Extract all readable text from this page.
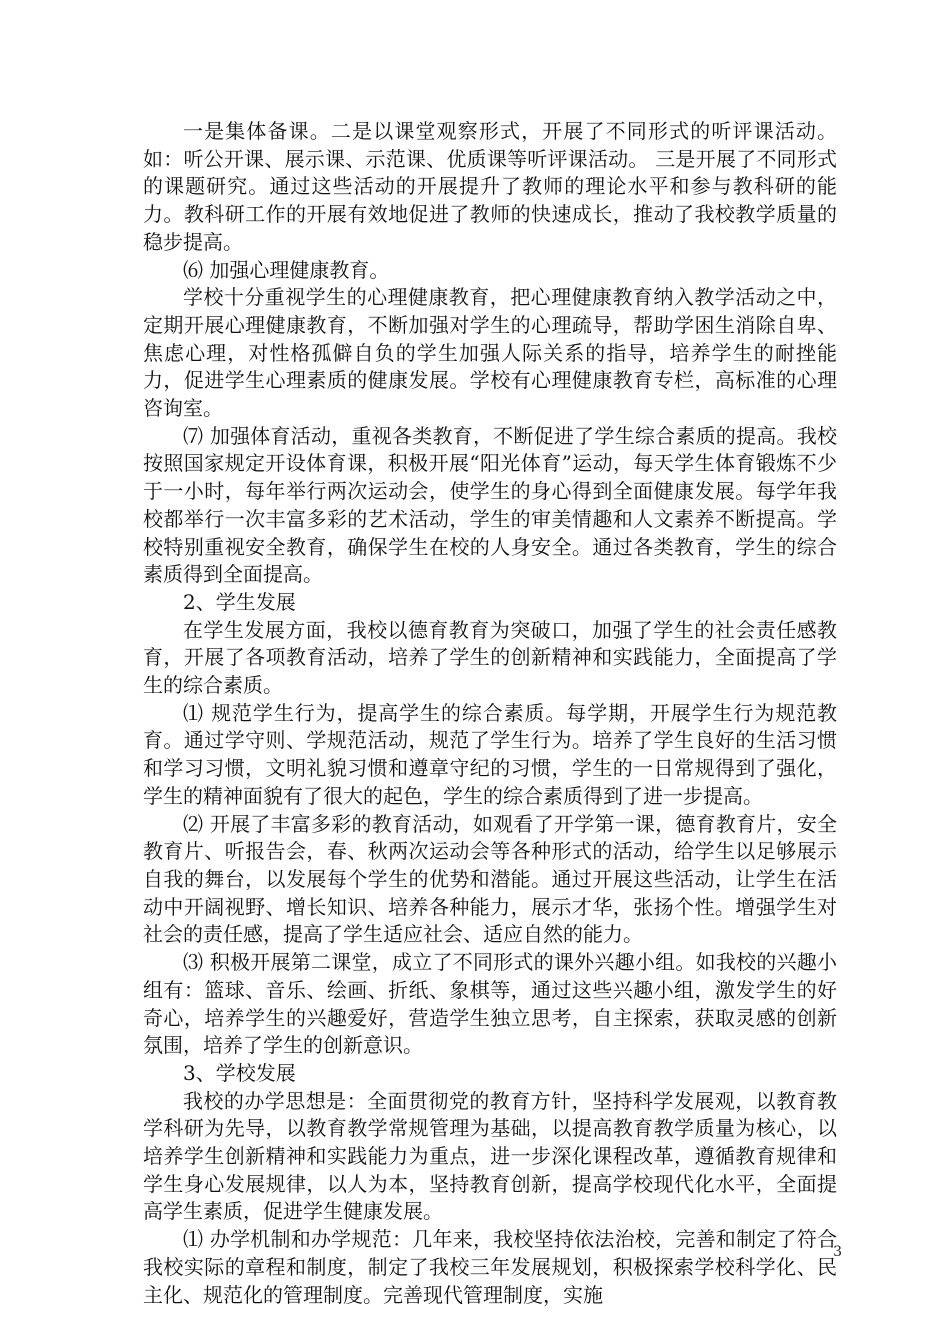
一是集体备课。二是以课堂观察形式，开展了不同形式的听评课活动。如：听公开课、展示课、示范课、优质课等听评课活动。 三是开展了不同形式的课题研究。通过这些活动的开展提升了教师的理论水平和参与教科研的能力。教科研工作的开展有效地促进了教师的快速成长，推动了我校教学质量的稳步提高。

⑹ 加强心理健康教育。

学校十分重视学生的心理健康教育，把心理健康教育纳入教学活动之中，定期开展心理健康教育，不断加强对学生的心理疏导，帮助学困生消除自卑、焦虑心理，对性格孤僻自负的学生加强人际关系的指导，培养学生的耐挫能力，促进学生心理素质的健康发展。学校有心理健康教育专栏，高标准的心理咨询室。

⑺ 加强体育活动，重视各类教育，不断促进了学生综合素质的提高。我校按照国家规定开设体育课，积极开展“阳光体育”运动，每天学生体育锻炼不少于一小时，每年举行两次运动会，使学生的身心得到全面健康发展。每学年我校都举行一次丰富多彩的艺术活动，学生的审美情趣和人文素养不断提高。学校特别重视安全教育，确保学生在校的人身安全。通过各类教育，学生的综合素质得到全面提高。

2、学生发展

在学生发展方面，我校以德育教育为突破口，加强了学生的社会责任感教育，开展了各项教育活动，培养了学生的创新精神和实践能力，全面提高了学生的综合素质。

⑴ 规范学生行为，提高学生的综合素质。每学期，开展学生行为规范教育。通过学守则、学规范活动，规范了学生行为。培养了学生良好的生活习惯和学习习惯，文明礼貌习惯和遵章守纪的习惯，学生的一日常规得到了强化，学生的精神面貌有了很大的起色，学生的综合素质得到了进一步提高。

⑵ 开展了丰富多彩的教育活动，如观看了开学第一课，德育教育片，安全教育片、听报告会，春、秋两次运动会等各种形式的活动，给学生以足够展示自我的舞台，以发展每个学生的优势和潜能。通过开展这些活动，让学生在活动中开阔视野、增长知识、培养各种能力，展示才华，张扬个性。增强学生对社会的责任感，提高了学生适应社会、适应自然的能力。

⑶ 积极开展第二课堂，成立了不同形式的课外兴趣小组。如我校的兴趣小组有：篮球、音乐、绘画、折纸、象棋等，通过这些兴趣小组，激发学生的好奇心，培养学生的兴趣爱好，营造学生独立思考，自主探索，获取灵感的创新氛围，培养了学生的创新意识。

3、学校发展

我校的办学思想是：全面贯彻党的教育方针，坚持科学发展观，以教育教学科研为先导，以教育教学常规管理为基础，以提高教育教学质量为核心，以培养学生创新精神和实践能力为重点，进一步深化课程改革，遵循教育规律和学生身心发展规律，以人为本，坚持教育创新，提高学校现代化水平，全面提高学生素质，促进学生健康发展。

⑴ 办学机制和办学规范：几年来，我校坚持依法治校，完善和制定了符合我校实际的章程和制度，制定了我校三年发展规划，积极探索学校科学化、民主化、规范化的管理制度。完善现代管理制度，实施

3
